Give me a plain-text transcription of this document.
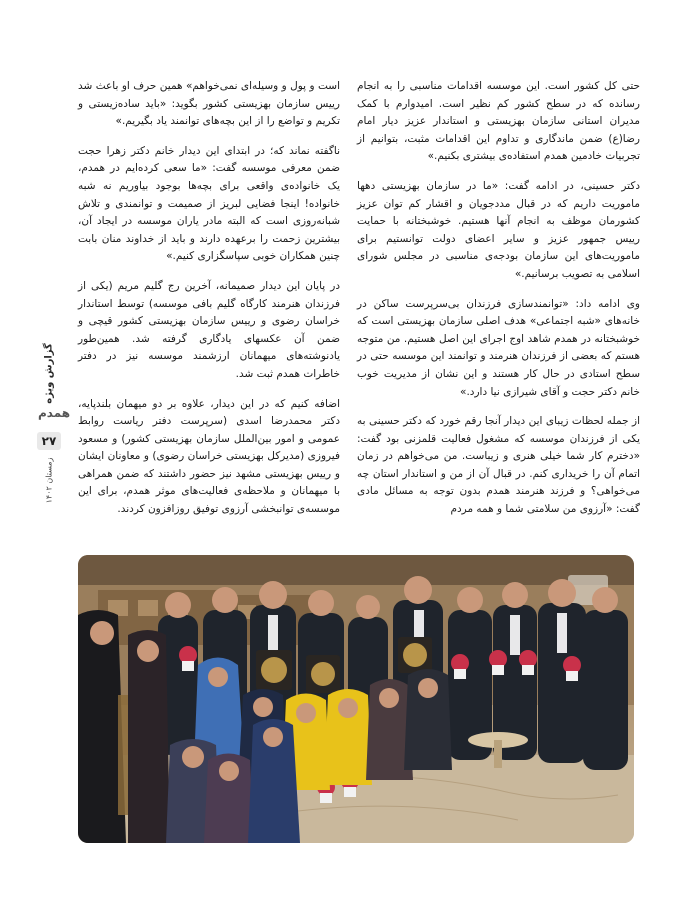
گزارش ویژه
همدم
۲۷
زمستان ۱۴۰۲

حتی کل کشور است. این موسسه اقدامات مناسبی را به انجام رسانده که در سطح کشور کم نظیر است. امیدوارم با کمک مدیران استانی سازمان بهزیستی و استاندار عزیز دیار امام رضا(ع) ضمن ماندگاری و تداوم این اقدامات مثبت، بتوانیم از تجربیات خادمین همدم استفاده‌ی بیشتری بکنیم.»

دکتر حسینی، در ادامه گفت: «ما در سازمان بهزیستی دهها ماموریت داریم که در قبال مددجویان و اقشار کم توان عزیز کشورمان موظف به انجام آنها هستیم. خوشبختانه با حمایت رییس جمهور عزیز و سایر اعضای دولت توانستیم برای ماموریت‌های این سازمان بودجه‌ی مناسبی در مجلس شورای اسلامی به تصویب برسانیم.»

وی ادامه داد: «توانمندسازی فرزندان بی‌سرپرست ساکن در خانه‌های «شبه اجتماعی» هدف اصلی سازمان بهزیستی است که خوشبختانه در همدم شاهد اوج اجرای این اصل هستیم. من متوجه هستم که بعضی از فرزندان هنرمند و توانمند این موسسه حتی در سطح استادی در حال کار هستند و این نشان از مدیریت خوب خانم دکتر حجت و آقای شیرازی نیا دارد.»

از جمله لحظات زیبای این دیدار آنجا رقم خورد که دکتر حسینی به یکی از فرزندان موسسه که مشغول فعالیت قلمزنی بود گفت: «دخترم کار شما خیلی هنری و زیباست. من می‌خواهم در زمان اتمام آن را خریداری کنم. در قبال آن از من و استاندار استان چه می‌خواهی؟ و فرزند هنرمند همدم بدون توجه به مسائل مادی گفت: «آرزوی من سلامتی شما و همه مردم

است و پول و وسیله‌ای نمی‌خواهم» همین حرف او باعث شد رییس سازمان بهزیستی کشور بگوید: «باید ساده‌زیستی و تکریم و تواضع را از این بچه‌های توانمند یاد بگیریم.»

ناگفته نماند که؛ در ابتدای این دیدار خانم دکتر زهرا حجت ضمن معرفی موسسه گفت: «ما سعی کرده‌ایم در همدم، یک خانواده‌ی واقعی برای بچه‌ها بوجود بیاوریم نه شبه خانواده! اینجا فضایی لبریز از صمیمت و توانمندی و تلاش شبانه‌روزی است که البته مادر یاران موسسه در ایجاد آن، بیشترین زحمت را برعهده دارند و باید از خداوند منان بابت چنین همکاران خوبی سپاسگزاری کنیم.»

در پایان این دیدار صمیمانه، آخرین رج گلیم مریم (یکی از فرزندان هنرمند کارگاه گلیم بافی موسسه) توسط استاندار خراسان رضوی و رییس سازمان بهزیستی کشور قیچی و ضمن آن عکسهای یادگاری گرفته شد. همین‌طور یادنوشته‌های میهمانان ارزشمند موسسه نیز در دفتر خاطرات همدم ثبت شد.

اضافه کنیم که در این دیدار، علاوه بر دو میهمان بلندپایه، دکتر محمدرضا اسدی (سرپرست دفتر ریاست روابط عمومی و امور بین‌الملل سازمان بهزیستی کشور) و مسعود فیروزی (مدیرکل بهزیستی خراسان رضوی) و معاونان ایشان و رییس بهزیستی مشهد نیز حضور داشتند که ضمن همراهی با میهمانان و ملاحظه‌ی فعالیت‌های موثر همدم، برای این موسسه‌ی توانبخشی آرزوی توفیق روزافزون کردند.
